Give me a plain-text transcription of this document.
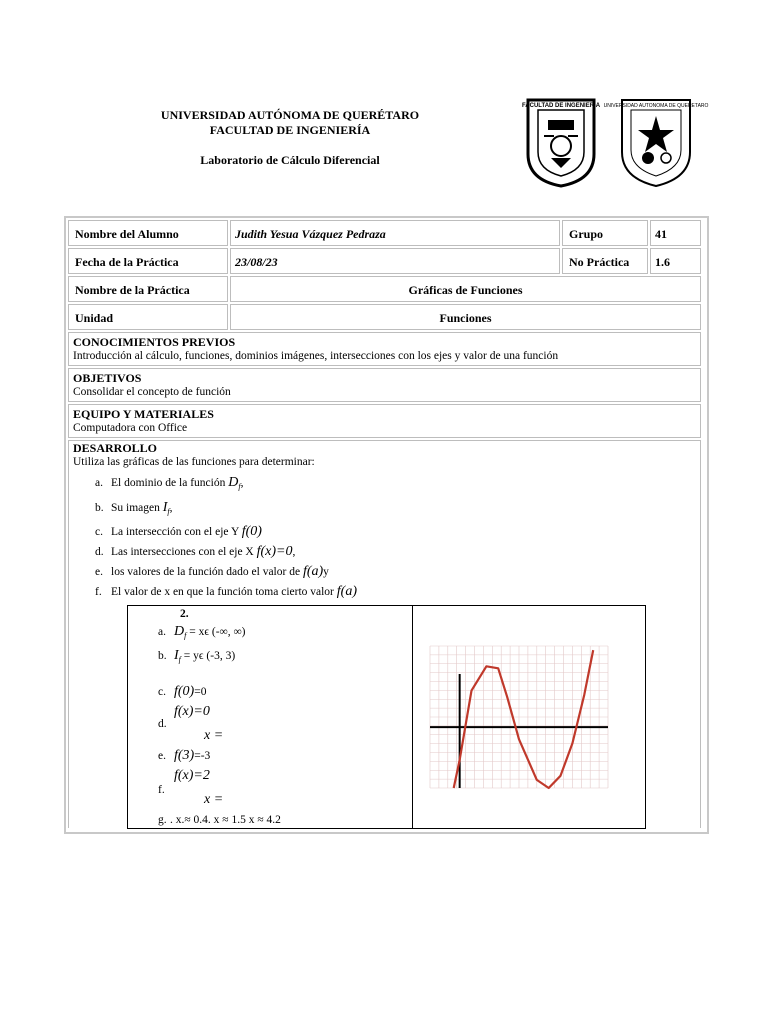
UNIVERSIDAD AUTÓNOMA DE QUERÉTARO
FACULTAD DE INGENIERÍA
Laboratorio de Cálculo Diferencial
FACULTAD DE INGENIERIA UNIVERSIDAD AUTONOMA DE QUERETARO
Nombre del Alumno	Judith Yesua Vázquez Pedraza	Grupo	41
Fecha de la Práctica	23/08/23	No Práctica	1.6
Nombre de la Práctica	Gráficas de Funciones
Unidad	Funciones
CONOCIMIENTOS PREVIOS
Introducción al cálculo, funciones, dominios imágenes, intersecciones con los ejes y valor de una función
OBJETIVOS
Consolidar el concepto de función
EQUIPO Y MATERIALES
Computadora con Office
DESARROLLO
Utiliza las gráficas de las funciones para determinar:
a. El dominio de la función $D_f$,
b. Su imagen $I_f$,
c. La intersección con el eje Y f(0)
d. Las intersecciones con el eje X f(x)=0,
e. los valores de la función dado el valor de f(a)y
f. El valor de x en que la función toma cierto valor f(a)
2.
a. $D_f = x\epsilon$ (-∞, ∞)
b. $I_f = y\epsilon$ (-3, 3)
c. f(0)=0
f(x)=0
d.
x =
e. f(3)=-3
f(x)=2
f.
x =
g. . x.≈ 0.4. x ≈ 1.5 x ≈ 4.2
